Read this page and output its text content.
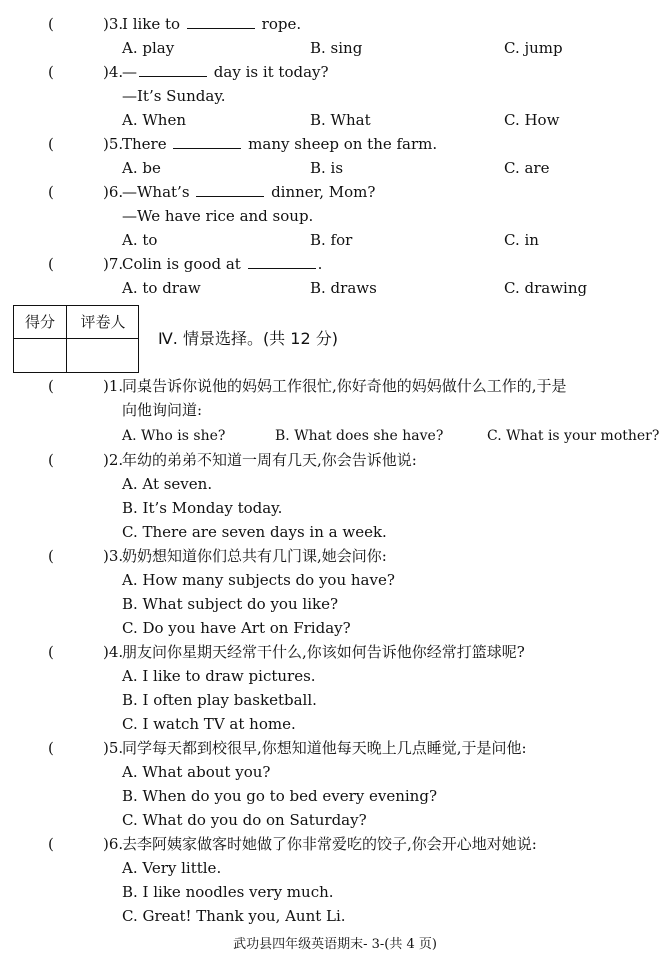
(	)3.
I like to	rope.
A. play	B. sing	C. jump
(	)4.
—	day is it today?
—It’s Sunday.
A. When	B. What	C. How
(	)5.
There	many sheep on the farm.
A. be	B. is	C. are
(	)6.
—What’s	dinner, Mom?
—We have rice and soup.
A. to	B. for	C. in
(	)7.
Colin is good at	.
A. to draw	B. draws	C. drawing
得分	评卷人
Ⅳ. 情景选择。(共 12 分)
(	)1.
同桌告诉你说他的妈妈工作很忙,你好奇他的妈妈做什么工作的,于是
向他询问道:
A. Who is she?	B. What does she have?	C. What is your mother?
(	)2.
年幼的弟弟不知道一周有几天,你会告诉他说:
A. At seven.
B. It’s Monday today.
C. There are seven days in a week.
(	)3.
奶奶想知道你们总共有几门课,她会问你:
A. How many subjects do you have?
B. What subject do you like?
C. Do you have Art on Friday?
(	)4.
朋友问你星期天经常干什么,你该如何告诉他你经常打篮球呢?
A. I like to draw pictures.
B. I often play basketball.
C. I watch TV at home.
(	)5.
同学每天都到校很早,你想知道他每天晚上几点睡觉,于是问他:
A. What about you?
B. When do you go to bed every evening?
C. What do you do on Saturday?
(	)6.
去李阿姨家做客时她做了你非常爱吃的饺子,你会开心地对她说:
A. Very little.
B. I like noodles very much.
C. Great! Thank you, Aunt Li.
武功县四年级英语期末- 3-(共 4 页)
